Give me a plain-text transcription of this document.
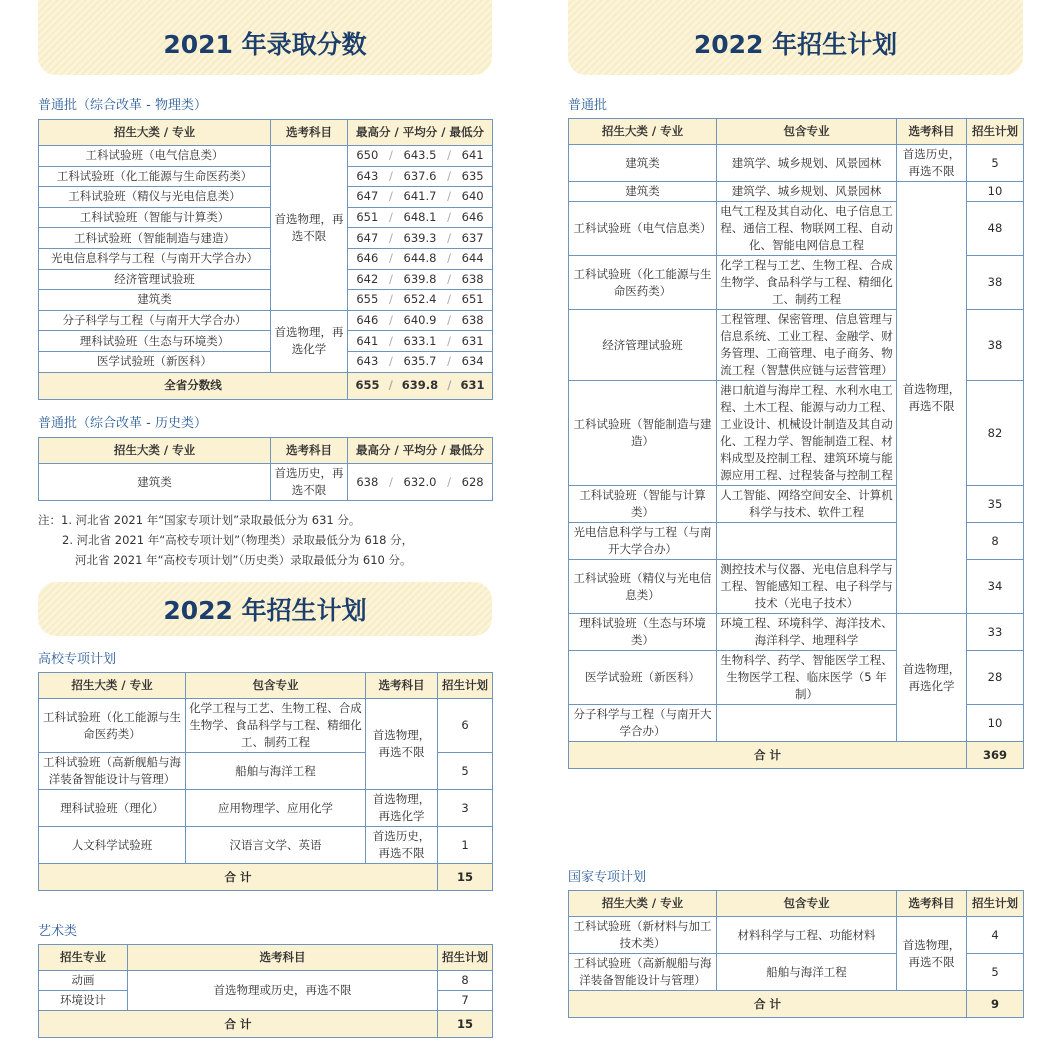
2021 年录取分数	2022 年招生计划
2022 年招生计划
普通批（综合改革 - 物理类）
招生大类 / 专业	选考科目	最高分 / 平均分 / 最低分
工科试验班（电气信息类）	首选物理，再选不限	650 / 643.5 / 641

工科试验班（化工能源与生命医药类）		643 / 637.6 / 635

工科试验班（精仪与光电信息类）		647 / 641.7 / 640

工科试验班（智能与计算类）		651 / 648.1 / 646

工科试验班（智能制造与建造）		647 / 639.3 / 637

光电信息科学与工程（与南开大学合办）		646 / 644.8 / 644

经济管理试验班		642 / 639.8 / 638

建筑类		655 / 652.4 / 651

分子科学与工程（与南开大学合办）	首选物理，再选化学	646 / 640.9 / 638

理科试验班（生态与环境类）		641 / 633.1 / 631

医学试验班（新医科）		643 / 635.7 / 634

全省分数线		655 / 639.8 / 631
普通批（综合改革 - 历史类）
招生大类 / 专业	选考科目	最高分 / 平均分 / 最低分
建筑类	首选历史，再选不限	638 / 632.0 / 628
注：1. 河北省 2021 年“国家专项计划”录取最低分为 631 分。
2. 河北省 2021 年“高校专项计划”（物理类）录取最低分为 618 分，
河北省 2021 年“高校专项计划”（历史类）录取最低分为 610 分。
高校专项计划
招生大类 / 专业	包含专业	选考科目	招生计划
工科试验班（化工能源与生命医药类）	化学工程与工艺、生物工程、合成生物学、食品科学与工程、精细化工、制药工程	首选物理，再选不限	6
工科试验班（高新舰船与海洋装备智能设计与管理）	船舶与海洋工程		5
理科试验班（理化）	应用物理学、应用化学	首选物理，再选化学	3
人文科学试验班	汉语言文学、英语	首选历史，再选不限	1
合 计			15
艺术类
招生专业	选考科目	招生计划
动画	首选物理或历史，再选不限	8
环境设计		7
合 计		15
普通批
招生大类 / 专业	包含专业	选考科目	招生计划
建筑类	建筑学、城乡规划、风景园林	首选历史，再选不限	5
建筑类	建筑学、城乡规划、风景园林	首选物理，再选不限	10
工科试验班（电气信息类）	电气工程及其自动化、电子信息工程、通信工程、物联网工程、自动化、智能电网信息工程		48
工科试验班（化工能源与生命医药类）	化学工程与工艺、生物工程、合成生物学、食品科学与工程、精细化工、制药工程		38
经济管理试验班	工程管理、保密管理、信息管理与信息系统、工业工程、金融学、财务管理、工商管理、电子商务、物流工程（智慧供应链与运营管理）		38
工科试验班（智能制造与建造）	港口航道与海岸工程、水利水电工程、土木工程、能源与动力工程、工业设计、机械设计制造及其自动化、工程力学、智能制造工程、材料成型及控制工程、建筑环境与能源应用工程、过程装备与控制工程		82
工科试验班（智能与计算类）	人工智能、网络空间安全、计算机科学与技术、软件工程		35
光电信息科学与工程（与南开大学合办）			8
工科试验班（精仪与光电信息类）	测控技术与仪器、光电信息科学与工程、智能感知工程、电子科学与技术（光电子技术）		34
理科试验班（生态与环境类）	环境工程、环境科学、海洋技术、海洋科学、地理科学	首选物理，再选化学	33
医学试验班（新医科）	生物科学、药学、智能医学工程、生物医学工程、临床医学（5 年制）		28
分子科学与工程（与南开大学合办）			10
合 计			369
国家专项计划
招生大类 / 专业	包含专业	选考科目	招生计划
工科试验班（新材料与加工技术类）	材料科学与工程、功能材料	首选物理，再选不限	4
工科试验班（高新舰船与海洋装备智能设计与管理）	船舶与海洋工程		5
合 计			9
